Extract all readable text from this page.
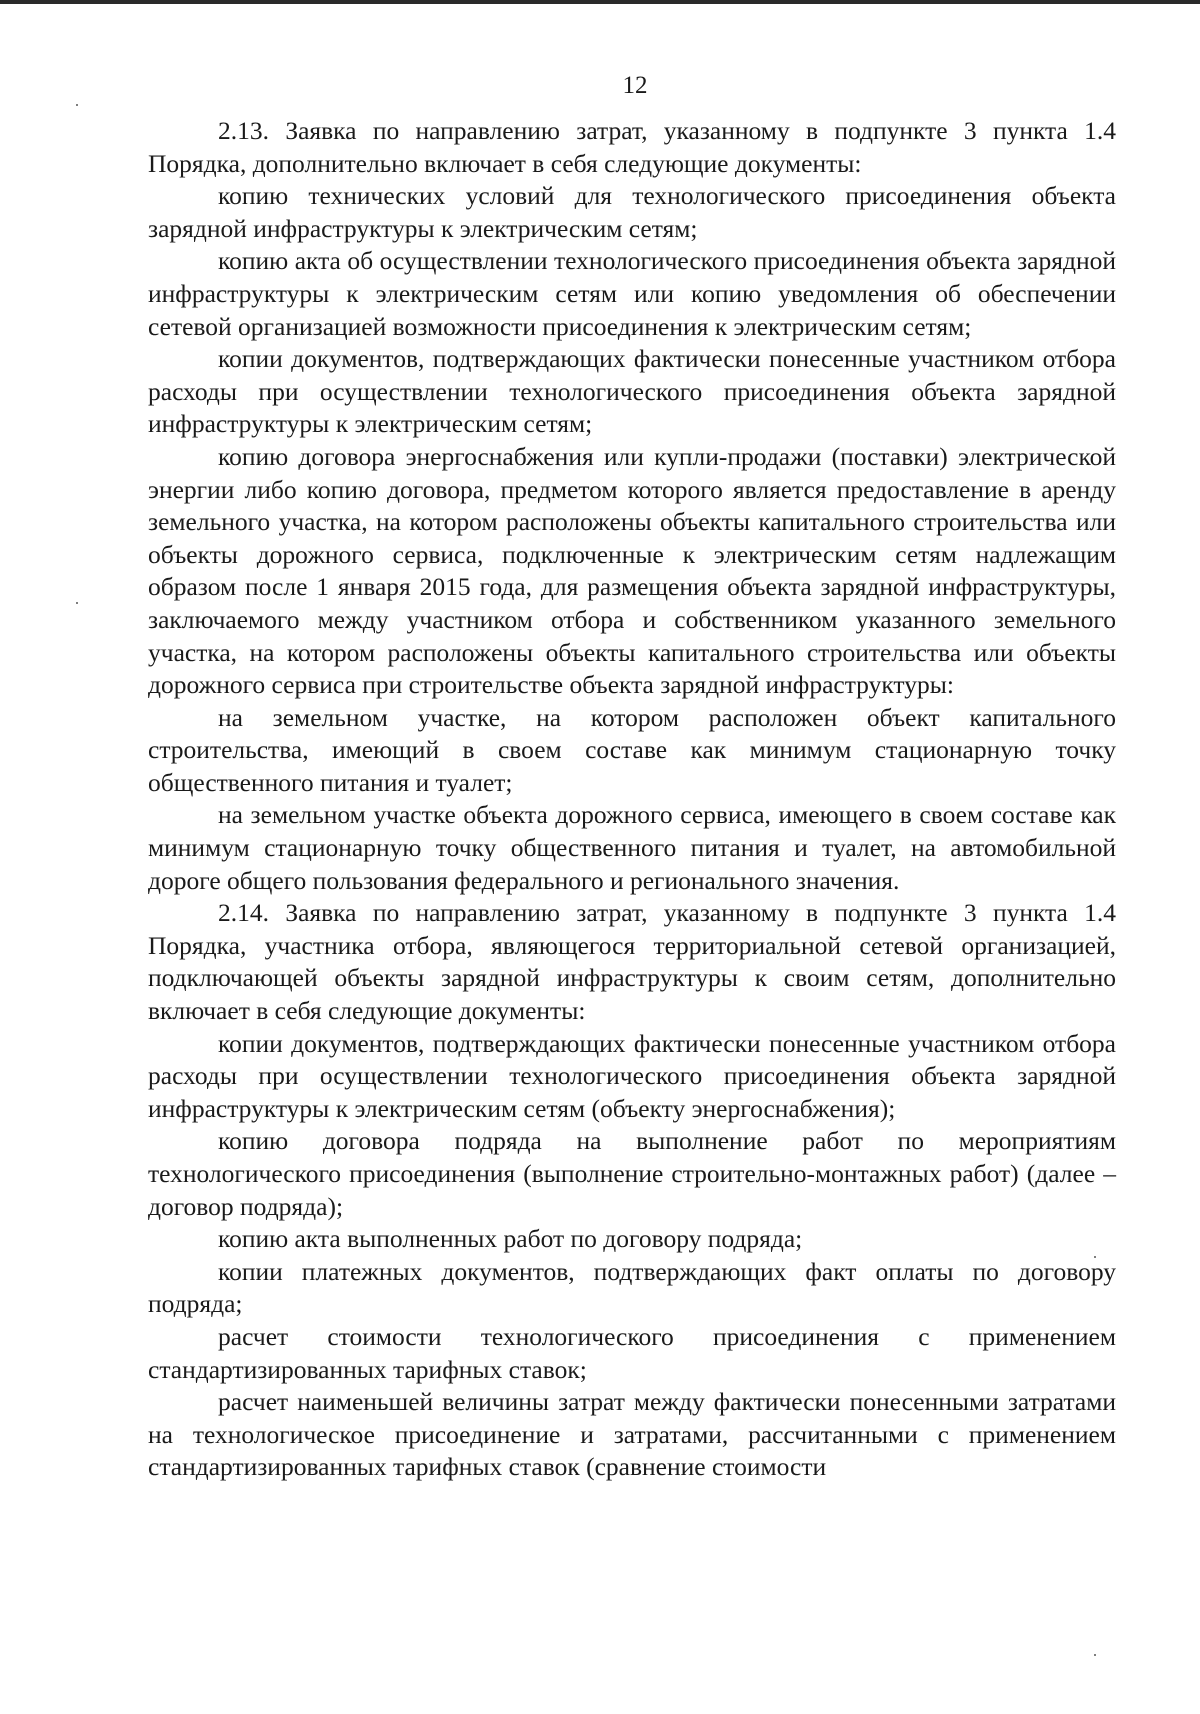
12

2.13. Заявка по направлению затрат, указанному в подпункте 3 пункта 1.4 Порядка, дополнительно включает в себя следующие документы:

копию технических условий для технологического присоединения объекта зарядной инфраструктуры к электрическим сетям;

копию акта об осуществлении технологического присоединения объекта зарядной инфраструктуры к электрическим сетям или копию уведомления об обеспечении сетевой организацией возможности присоединения к электрическим сетям;

копии документов, подтверждающих фактически понесенные участником отбора расходы при осуществлении технологического присоединения объекта зарядной инфраструктуры к электрическим сетям;

копию договора энергоснабжения или купли-продажи (поставки) электрической энергии либо копию договора, предметом которого является предоставление в аренду земельного участка, на котором расположены объекты капитального строительства или объекты дорожного сервиса, подключенные к электрическим сетям надлежащим образом после 1 января 2015 года, для размещения объекта зарядной инфраструктуры, заключаемого между участником отбора и собственником указанного земельного участка, на котором расположены объекты капитального строительства или объекты дорожного сервиса при строительстве объекта зарядной инфраструктуры:

на земельном участке, на котором расположен объект капитального строительства, имеющий в своем составе как минимум стационарную точку общественного питания и туалет;

на земельном участке объекта дорожного сервиса, имеющего в своем составе как минимум стационарную точку общественного питания и туалет, на автомобильной дороге общего пользования федерального и регионального значения.

2.14. Заявка по направлению затрат, указанному в подпункте 3 пункта 1.4 Порядка, участника отбора, являющегося территориальной сетевой организацией, подключающей объекты зарядной инфраструктуры к своим сетям, дополнительно включает в себя следующие документы:

копии документов, подтверждающих фактически понесенные участником отбора расходы при осуществлении технологического присоединения объекта зарядной инфраструктуры к электрическим сетям (объекту энергоснабжения);

копию договора подряда на выполнение работ по мероприятиям технологического присоединения (выполнение строительно-монтажных работ) (далее – договор подряда);

копию акта выполненных работ по договору подряда;

копии платежных документов, подтверждающих факт оплаты по договору подряда;

расчет стоимости технологического присоединения с применением стандартизированных тарифных ставок;

расчет наименьшей величины затрат между фактически понесенными затратами на технологическое присоединение и затратами, рассчитанными с применением стандартизированных тарифных ставок (сравнение стоимости
